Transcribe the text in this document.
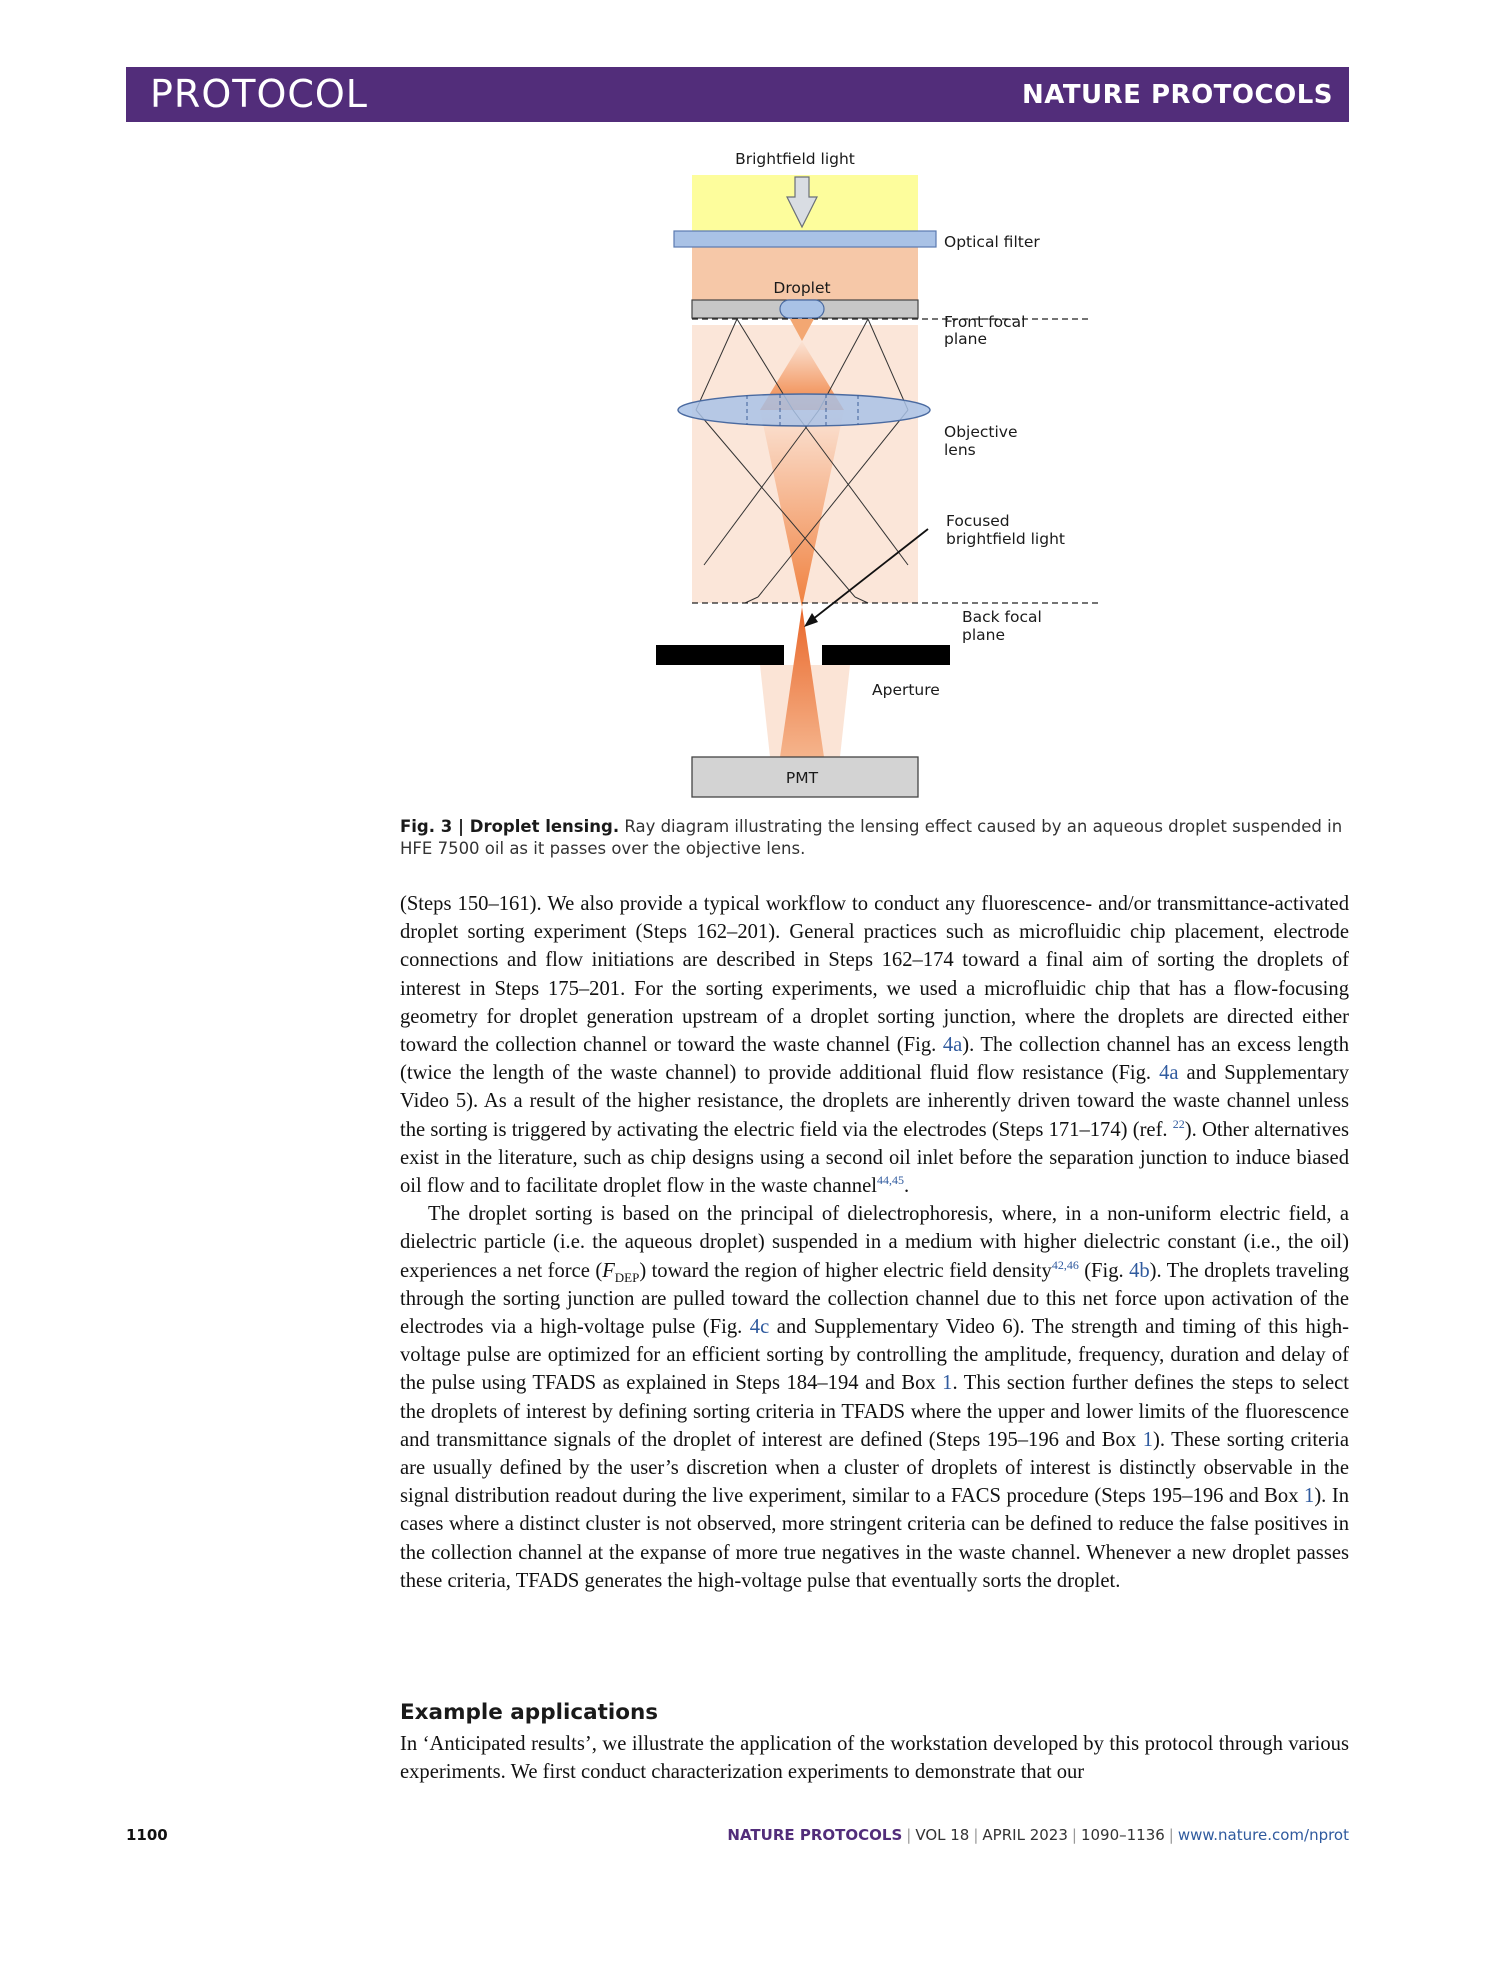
PROTOCOL	NATURE PROTOCOLS
Brightfield light
Optical filter
Droplet
Front focal
plane
Objective
lens
Focused
brightfield light
Back focal
plane
Aperture
PMT
Fig. 3 | Droplet lensing. Ray diagram illustrating the lensing effect caused by an aqueous droplet suspended in HFE 7500 oil as it passes over the objective lens.

(Steps 150–161). We also provide a typical workflow to conduct any fluorescence- and/or transmittance-activated droplet sorting experiment (Steps 162–201). General practices such as microfluidic chip placement, electrode connections and flow initiations are described in Steps 162–174 toward a final aim of sorting the droplets of interest in Steps 175–201. For the sorting experiments, we used a microfluidic chip that has a flow-focusing geometry for droplet generation upstream of a droplet sorting junction, where the droplets are directed either toward the collection channel or toward the waste channel (Fig. 4a). The collection channel has an excess length (twice the length of the waste channel) to provide additional fluid flow resistance (Fig. 4a and Supplementary Video 5). As a result of the higher resistance, the droplets are inherently driven toward the waste channel unless the sorting is triggered by activating the electric field via the electrodes (Steps 171–174) (ref. $^{22}$). Other alternatives exist in the literature, such as chip designs using a second oil inlet before the separation junction to induce biased oil flow and to facilitate droplet flow in the waste channel$^{44,45}$.

The droplet sorting is based on the principal of dielectrophoresis, where, in a non-uniform electric field, a dielectric particle (i.e. the aqueous droplet) suspended in a medium with higher dielectric constant (i.e., the oil) experiences a net force $(F_{DEP})$ toward the region of higher electric field density$^{42,46}$ (Fig. 4b). The droplets traveling through the sorting junction are pulled toward the collection channel due to this net force upon activation of the electrodes via a high-voltage pulse (Fig. 4c and Supplementary Video 6). The strength and timing of this high-voltage pulse are optimized for an efficient sorting by controlling the amplitude, frequency, duration and delay of the pulse using TFADS as explained in Steps 184–194 and Box 1. This section further defines the steps to select the droplets of interest by defining sorting criteria in TFADS where the upper and lower limits of the fluorescence and transmittance signals of the droplet of interest are defined (Steps 195–196 and Box 1). These sorting criteria are usually defined by the user’s discretion when a cluster of droplets of interest is distinctly observable in the signal distribution readout during the live experiment, similar to a FACS procedure (Steps 195–196 and Box 1). In cases where a distinct cluster is not observed, more stringent criteria can be defined to reduce the false positives in the collection channel at the expanse of more true negatives in the waste channel. Whenever a new droplet passes these criteria, TFADS generates the high-voltage pulse that eventually sorts the droplet.

Example applications

In ‘Anticipated results’, we illustrate the application of the workstation developed by this protocol through various experiments. We first conduct characterization experiments to demonstrate that our

1100	NATURE PROTOCOLS | VOL 18 | APRIL 2023 | 1090–1136 | www.nature.com/nprot
